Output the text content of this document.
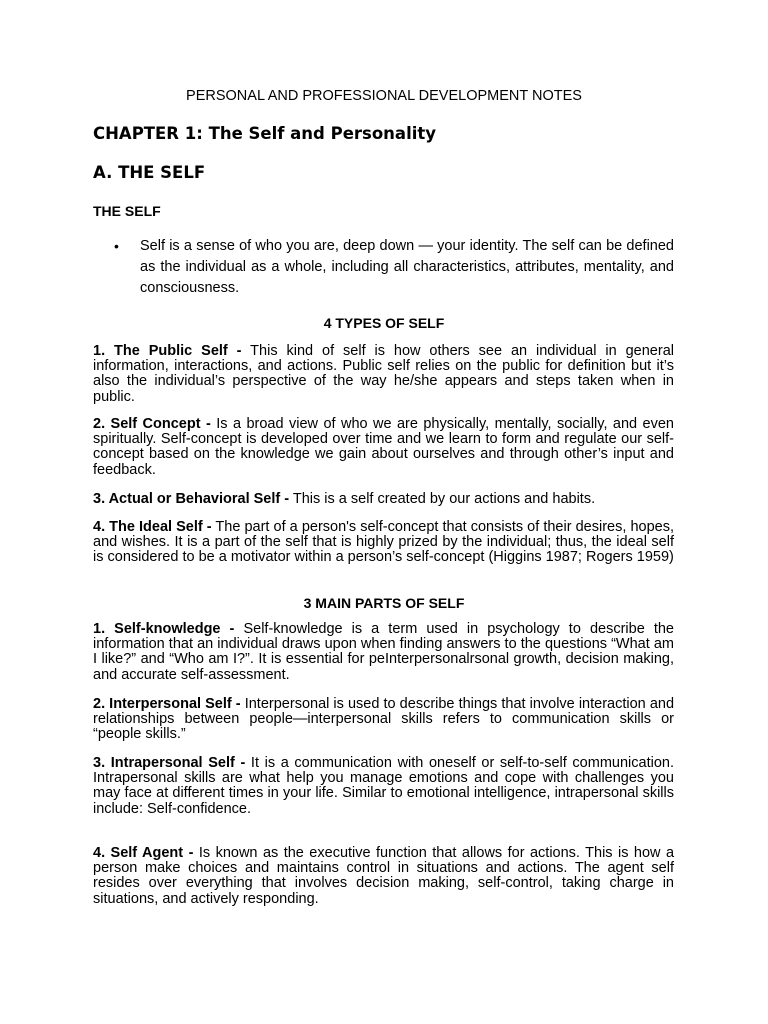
PERSONAL AND PROFESSIONAL DEVELOPMENT NOTES
CHAPTER 1: The Self and Personality
A. THE SELF
THE SELF
• Self is a sense of who you are, deep down — your identity. The self can be defined as the individual as a whole, including all characteristics, attributes, mentality, and consciousness.
4 TYPES OF SELF
1. The Public Self - This kind of self is how others see an individual in general information, interactions, and actions. Public self relies on the public for definition but it’s also the individual’s perspective of the way he/she appears and steps taken when in public.
2. Self Concept - Is a broad view of who we are physically, mentally, socially, and even spiritually. Self-concept is developed over time and we learn to form and regulate our self-concept based on the knowledge we gain about ourselves and through other’s input and feedback.
3. Actual or Behavioral Self - This is a self created by our actions and habits.
4. The Ideal Self - The part of a person's self-concept that consists of their desires, hopes, and wishes. It is a part of the self that is highly prized by the individual; thus, the ideal self is considered to be a motivator within a person’s self-concept (Higgins 1987; Rogers 1959)
3 MAIN PARTS OF SELF
1. Self-knowledge - Self-knowledge is a term used in psychology to describe the information that an individual draws upon when finding answers to the questions “What am I like?” and “Who am I?”. It is essential for peInterpersonalrsonal growth, decision making, and accurate self-assessment.
2. Interpersonal Self - Interpersonal is used to describe things that involve interaction and relationships between people—interpersonal skills refers to communication skills or “people skills.”
3. Intrapersonal Self - It is a communication with oneself or self-to-self communication. Intrapersonal skills are what help you manage emotions and cope with challenges you may face at different times in your life. Similar to emotional intelligence, intrapersonal skills include: Self-confidence.
4. Self Agent - Is known as the executive function that allows for actions. This is how a person make choices and maintains control in situations and actions. The agent self resides over everything that involves decision making, self-control, taking charge in situations, and actively responding.
